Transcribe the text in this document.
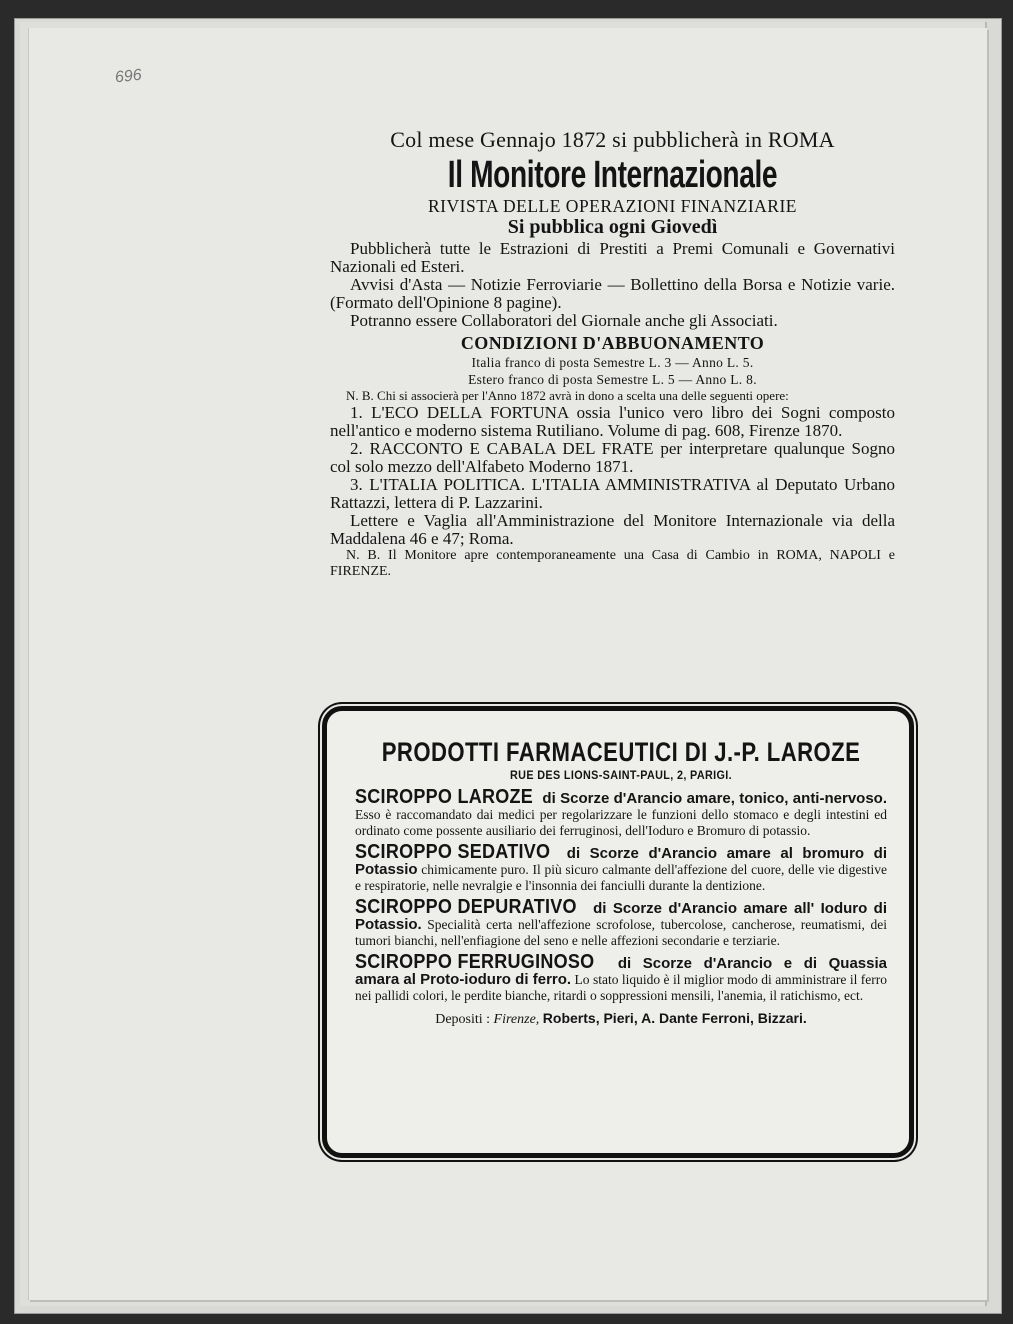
696
Col mese Gennajo 1872 si pubblicherà in ROMA
Il Monitore Internazionale
RIVISTA DELLE OPERAZIONI FINANZIARIE
Si pubblica ogni Giovedì

Pubblicherà tutte le Estrazioni di Prestiti a Premi Comunali e Governativi Nazionali ed Esteri.

Avvisi d'Asta — Notizie Ferroviarie — Bollettino della Borsa e Notizie varie. (Formato dell'Opinione 8 pagine).

Potranno essere Collaboratori del Giornale anche gli Associati.

CONDIZIONI D'ABBUONAMENTO
Italia franco di posta Semestre L. 3 — Anno L. 5.
Estero franco di posta Semestre L. 5 — Anno L. 8.

N. B. Chi si associerà per l'Anno 1872 avrà in dono a scelta una delle seguenti opere:

1. L'ECO DELLA FORTUNA ossia l'unico vero libro dei Sogni composto nell'antico e moderno sistema Rutiliano. Volume di pag. 608, Firenze 1870.

2. RACCONTO E CABALA DEL FRATE per interpretare qualunque Sogno col solo mezzo dell'Alfabeto Moderno 1871.

3. L'ITALIA POLITICA. L'ITALIA AMMINISTRATIVA al Deputato Urbano Rattazzi, lettera di P. Lazzarini.

Lettere e Vaglia all'Amministrazione del Monitore Internazionale via della Maddalena 46 e 47; Roma.

N. B. Il Monitore apre contemporaneamente una Casa di Cambio in ROMA, NAPOLI e FIRENZE.

PRODOTTI FARMACEUTICI DI J.-P. LAROZE
RUE DES LIONS-SAINT-PAUL, 2, PARIGI.

SCIROPPO LAROZE di Scorze d'Arancio amare, tonico, anti-nervoso. Esso è raccomandato dai medici per regolarizzare le funzioni dello stomaco e degli intestini ed ordinato come possente ausiliario dei ferruginosi, dell'Ioduro e Bromuro di potassio.

SCIROPPO SEDATIVO di Scorze d'Arancio amare al bromuro di Potassio chimicamente puro. Il più sicuro calmante dell'affezione del cuore, delle vie digestive e respiratorie, nelle nevralgie e l'insonnia dei fanciulli durante la dentizione.

SCIROPPO DEPURATIVO di Scorze d'Arancio amare all' Ioduro di Potassio. Specialità certa nell'affezione scrofolose, tubercolose, cancherose, reumatismi, dei tumori bianchi, nell'enfiagione del seno e nelle affezioni secondarie e terziarie.

SCIROPPO FERRUGINOSO di Scorze d'Arancio e di Quassia amara al Proto-ioduro di ferro. Lo stato liquido è il miglior modo di amministrare il ferro nei pallidi colori, le perdite bianche, ritardi o soppressioni mensili, l'anemia, il ratichismo, ect.

Depositi : Firenze, Roberts, Pieri, A. Dante Ferroni, Bizzari.
